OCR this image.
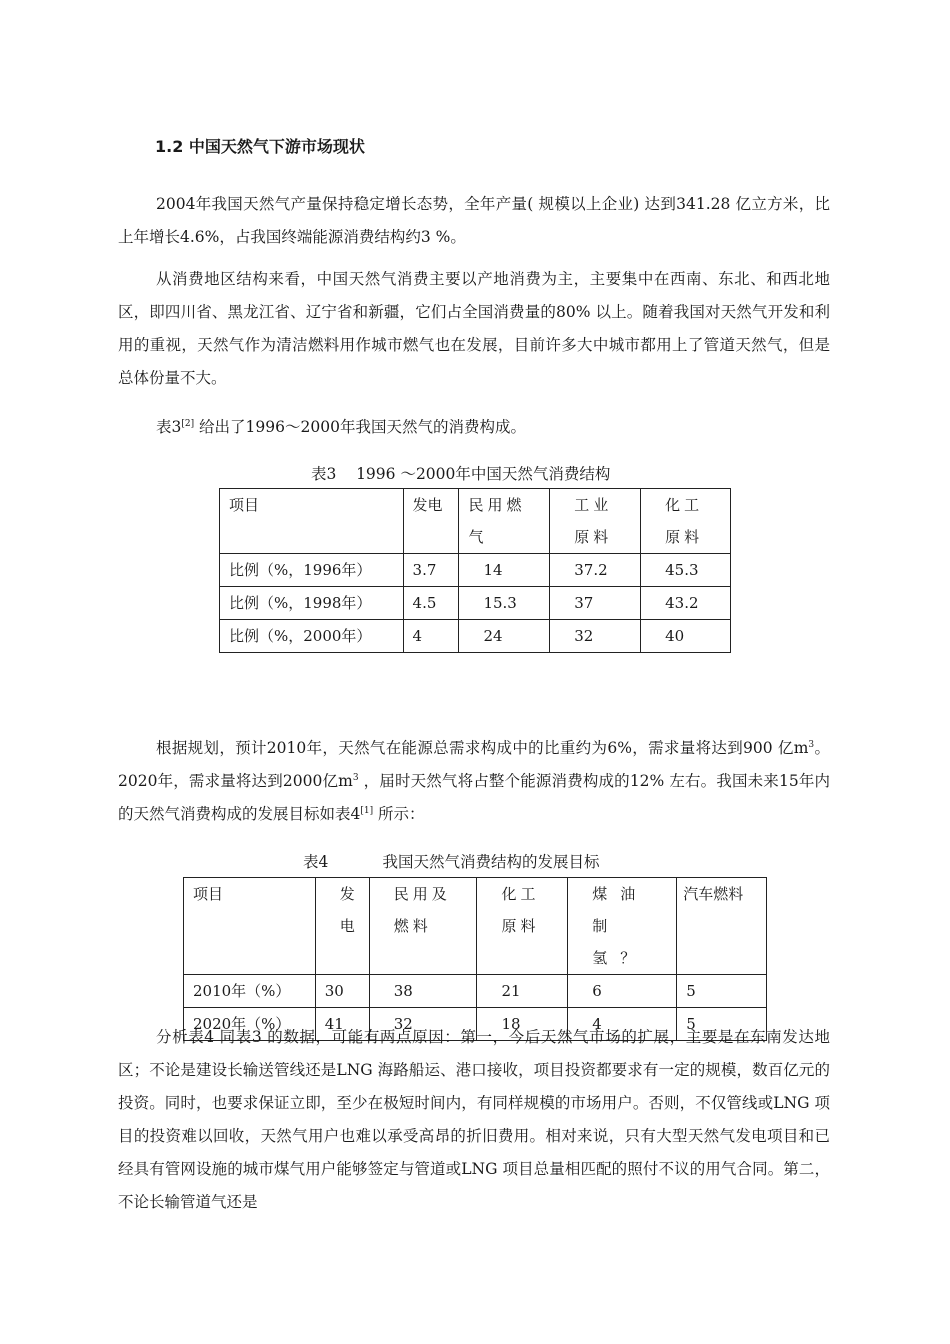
1.2 中国天然气下游市场现状

2004年我国天然气产量保持稳定增长态势，全年产量( 规模以上企业) 达到341.28 亿立方米，比上年增长4.6%，占我国终端能源消费结构约3 %。

从消费地区结构来看，中国天然气消费主要以产地消费为主，主要集中在西南、东北、和西北地区，即四川省、黑龙江省、辽宁省和新疆，它们占全国消费量的80% 以上。随着我国对天然气开发和利用的重视，天然气作为清洁燃料用作城市燃气也在发展，目前许多大中城市都用上了管道天然气，但是总体份量不大。

表3[2] 给出了1996～2000年我国天然气的消费构成。

表3    1996 ～2000年中国天然气消费结构
项目	发电	民用燃气	工业原料	化工原料
比例（%，1996年）	3.7	14	37.2	45.3
比例（%，1998年）	4.5	15.3	37	43.2
比例（%，2000年）	4	24	32	40

根据规划，预计2010年，天然气在能源总需求构成中的比重约为6%，需求量将达到900 亿$m^3$。2020年，需求量将达到2000亿$m^3$ ，届时天然气将占整个能源消费构成的12% 左右。我国未来15年内的天然气消费构成的发展目标如表4[1] 所示：

表4           我国天然气消费结构的发展目标
项目	发电	民用及燃料	化工原料	煤油制氢？	汽车燃料
2010年（%）	30	38	21	6	5
2020年（%）	41	32	18	4	5

分析表4 同表3 的数据，可能有两点原因：第一，今后天然气市场的扩展，主要是在东南发达地区；不论是建设长输送管线还是LNG 海路船运、港口接收，项目投资都要求有一定的规模，数百亿元的投资。同时，也要求保证立即，至少在极短时间内，有同样规模的市场用户。否则，不仅管线或LNG 项目的投资难以回收，天然气用户也难以承受高昂的折旧费用。相对来说，只有大型天然气发电项目和已经具有管网设施的城市煤气用户能够签定与管道或LNG 项目总量相匹配的照付不议的用气合同。第二，不论长输管道气还是
